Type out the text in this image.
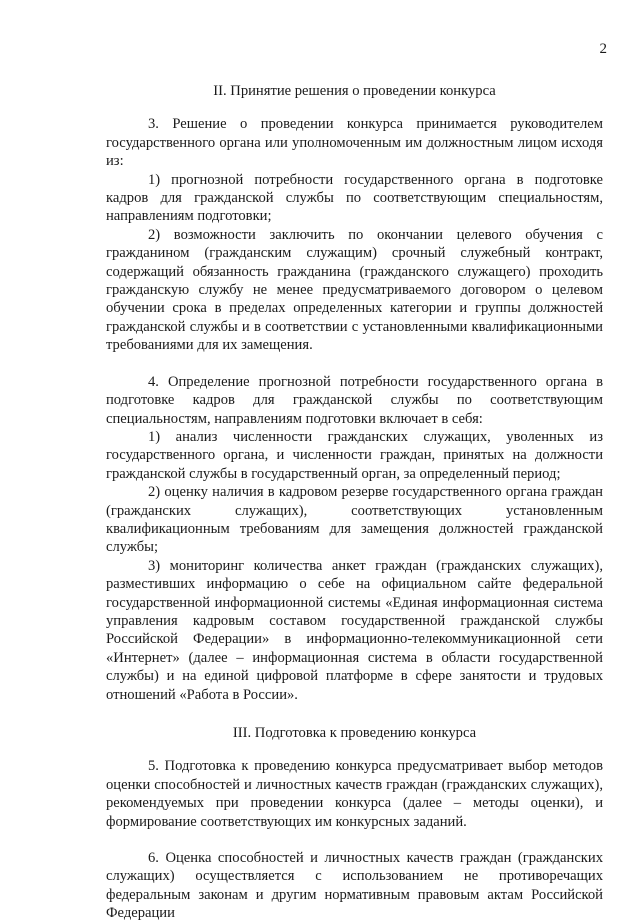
2
II. Принятие решения о проведении конкурса

3. Решение о проведении конкурса принимается руководителем государственного органа или уполномоченным им должностным лицом исходя из:

1) прогнозной потребности государственного органа в подготовке кадров для гражданской службы по соответствующим специальностям, направлениям подготовки;

2) возможности заключить по окончании целевого обучения с гражданином (гражданским служащим) срочный служебный контракт, содержащий обязанность гражданина (гражданского служащего) проходить гражданскую службу не менее предусматриваемого договором о целевом обучении срока в пределах определенных категории и группы должностей гражданской службы и в соответствии с установленными квалификационными требованиями для их замещения.

4. Определение прогнозной потребности государственного органа в подготовке кадров для гражданской службы по соответствующим специальностям, направлениям подготовки включает в себя:

1) анализ численности гражданских служащих, уволенных из государственного органа, и численности граждан, принятых на должности гражданской службы в государственный орган, за определенный период;

2) оценку наличия в кадровом резерве государственного органа граждан (гражданских служащих), соответствующих установленным квалификационным требованиям для замещения должностей гражданской службы;

3) мониторинг количества анкет граждан (гражданских служащих), разместивших информацию о себе на официальном сайте федеральной государственной информационной системы «Единая информационная система управления кадровым составом государственной гражданской службы Российской Федерации» в информационно-телекоммуникационной сети «Интернет» (далее – информационная система в области государственной службы) и на единой цифровой платформе в сфере занятости и трудовых отношений «Работа в России».

III. Подготовка к проведению конкурса

5. Подготовка к проведению конкурса предусматривает выбор методов оценки способностей и личностных качеств граждан (гражданских служащих), рекомендуемых при проведении конкурса (далее – методы оценки), и формирование соответствующих им конкурсных заданий.

6. Оценка способностей и личностных качеств граждан (гражданских служащих) осуществляется с использованием не противоречащих федеральным законам и другим нормативным правовым актам Российской Федерации
